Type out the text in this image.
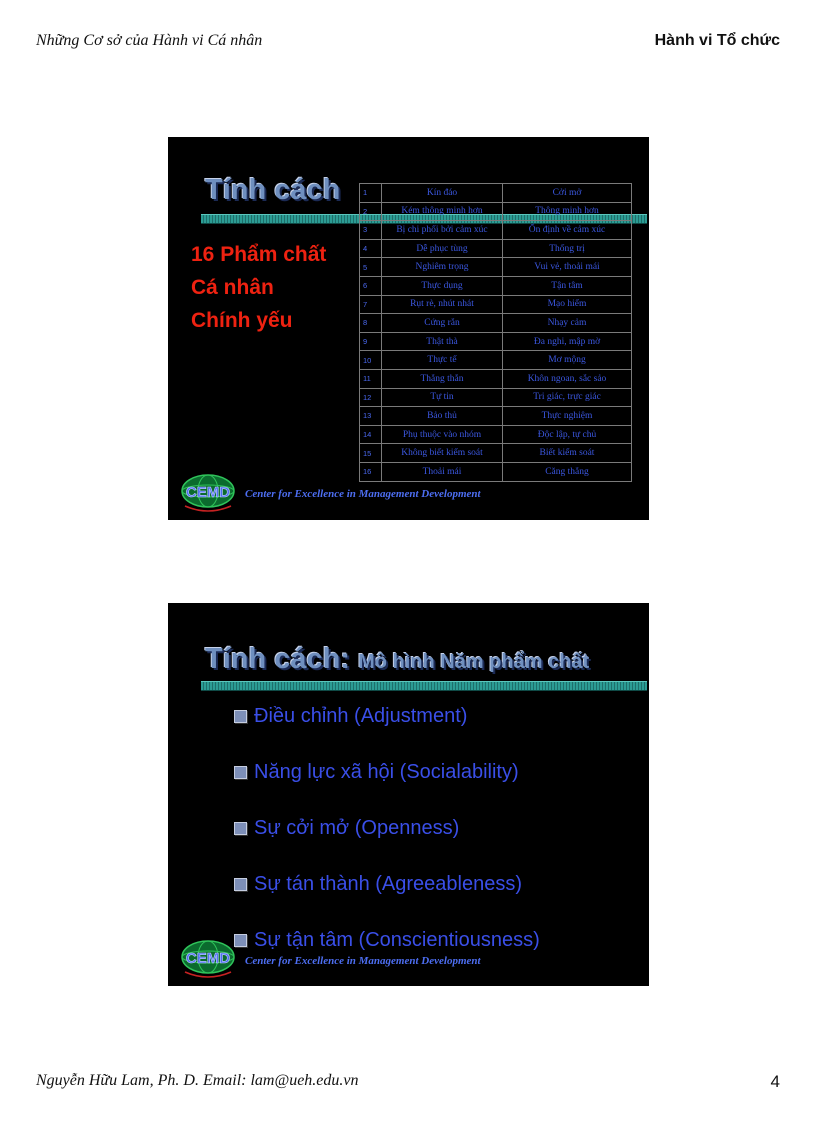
Những Cơ sở của Hành vi Cá nhân	Hành vi Tổ chức
Tính cách
16 Phẩm chất
Cá nhân
Chính yếu
1	Kín đáo	Cởi mở
2	Kém thông minh hơn	Thông minh hơn
3	Bị chi phối bởi cảm xúc	Ổn định về cảm xúc
4	Dễ phục tùng	Thống trị
5	Nghiêm trọng	Vui vẻ, thoải mái
6	Thực dụng	Tận tâm
7	Rụt rè, nhút nhát	Mạo hiểm
8	Cứng rắn	Nhạy cảm
9	Thật thà	Đa nghi, mập mờ
10	Thực tế	Mơ mộng
11	Thẳng thắn	Khôn ngoan, sắc sảo
12	Tự tin	Tri giác, trực giác
13	Bảo thủ	Thực nghiệm
14	Phụ thuộc vào nhóm	Độc lập, tự chủ
15	Không biết kiểm soát	Biết kiểm soát
16	Thoải mái	Căng thẳng
CEMD Center for Excellence in Management Development
Tính cách: Mô hình Năm phẩm chất
Điều chỉnh (Adjustment)
Năng lực xã hội (Socialability)
Sự cởi mở (Openness)
Sự tán thành (Agreeableness)
Sự tận tâm (Conscientiousness)
CEMD Center for Excellence in Management Development
Nguyễn Hữu Lam, Ph. D. Email: lam@ueh.edu.vn	4
